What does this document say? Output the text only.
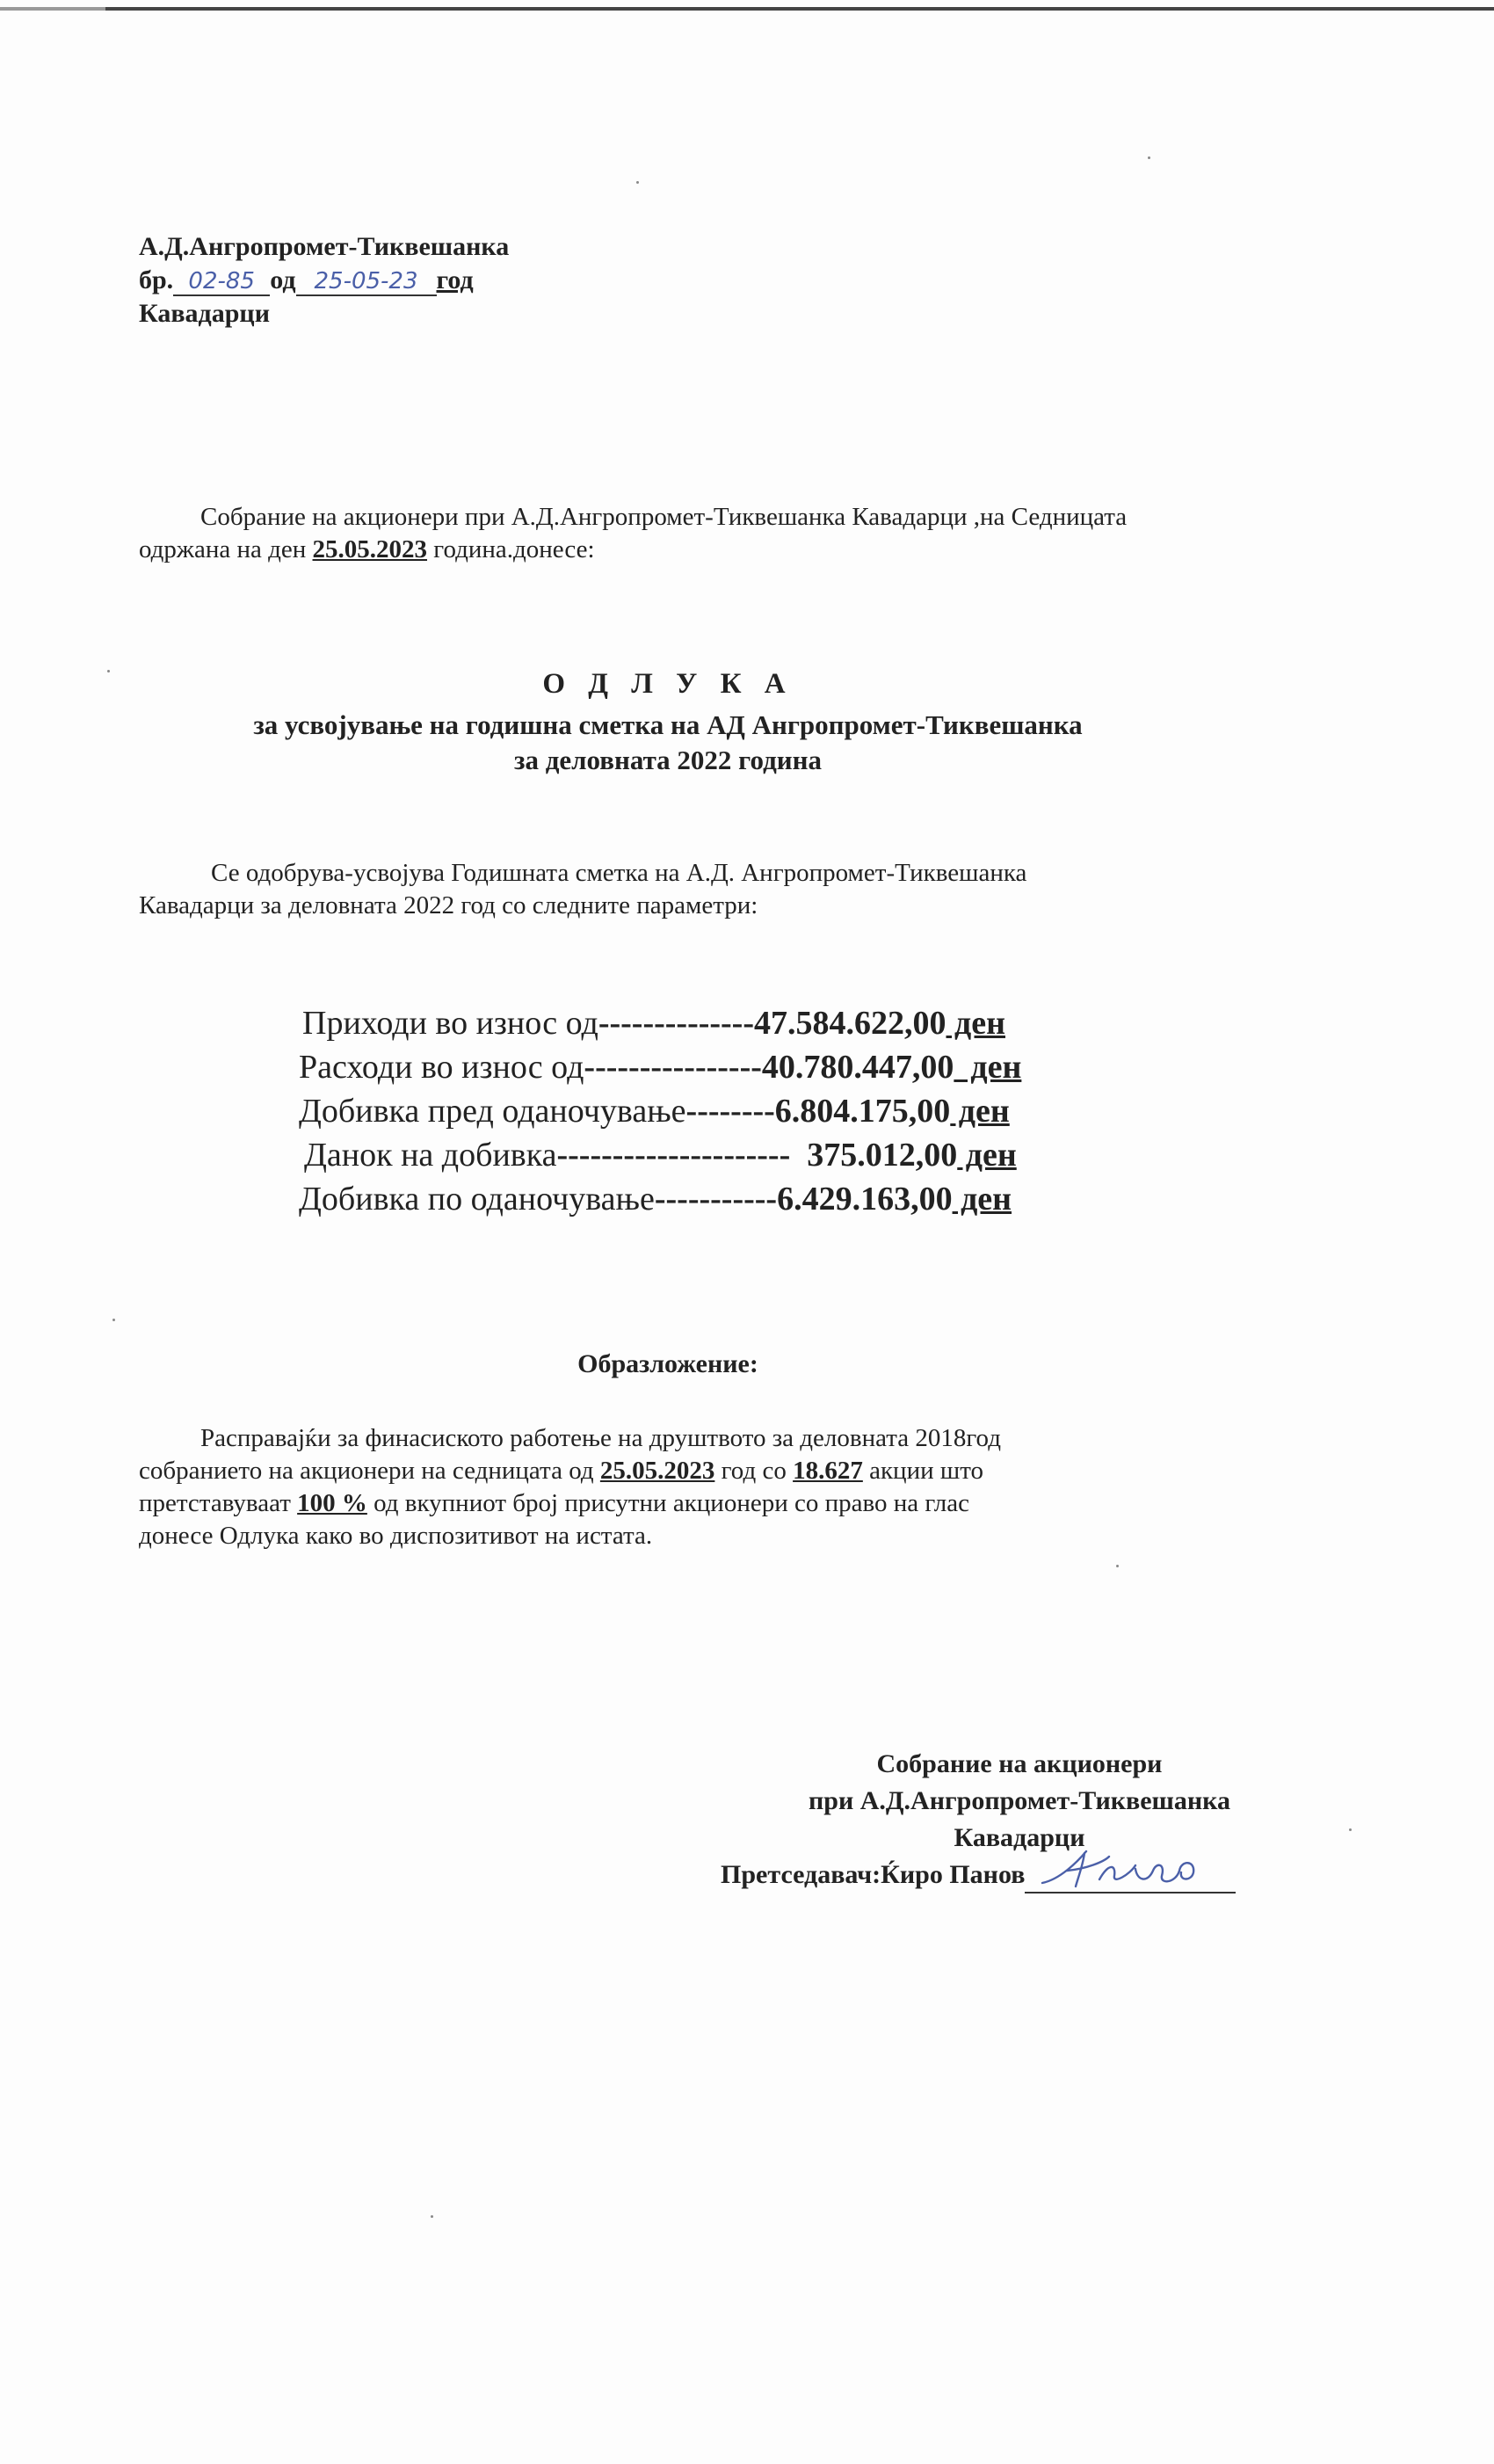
А.Д.Ангропромет-Тиквешанка
бр. 02-85 од 25-05-23 год
Кавадарци
Собрание на акционери при А.Д.Ангропромет-Тиквешанка Кавадарци ,на Седницата
одржана на ден 25.05.2023 година.донесе:
О Д Л У К А
за усвојување на годишна сметка на АД Ангропромет-Тиквешанка
за деловната 2022 година
Се одобрува-усвојува Годишната сметка на А.Д. Ангропромет-Тиквешанка
Кавадарци за деловната 2022 год со следните параметри:
Приходи во износ од--------------47.584.622,00 ден
Расходи во износ од----------------40.780.447,00  ден
Добивка пред оданочување--------6.804.175,00 ден
Данок на добивка---------------------  375.012,00 ден
Добивка по оданочување-----------6.429.163,00 ден
Образложение:
Расправајќи за финасиското работење на друштвото за деловната 2018год
собранието на акционери на седницата од 25.05.2023 год со 18.627 акции што
претставуваат 100 % од вкупниот број присутни акционери со право на глас
донесе Одлука како во диспозитивот на истата.
Собрание на акционери
при А.Д.Ангропромет-Тиквешанка
Кавадарци
Претседавач:Ќиро Панов
